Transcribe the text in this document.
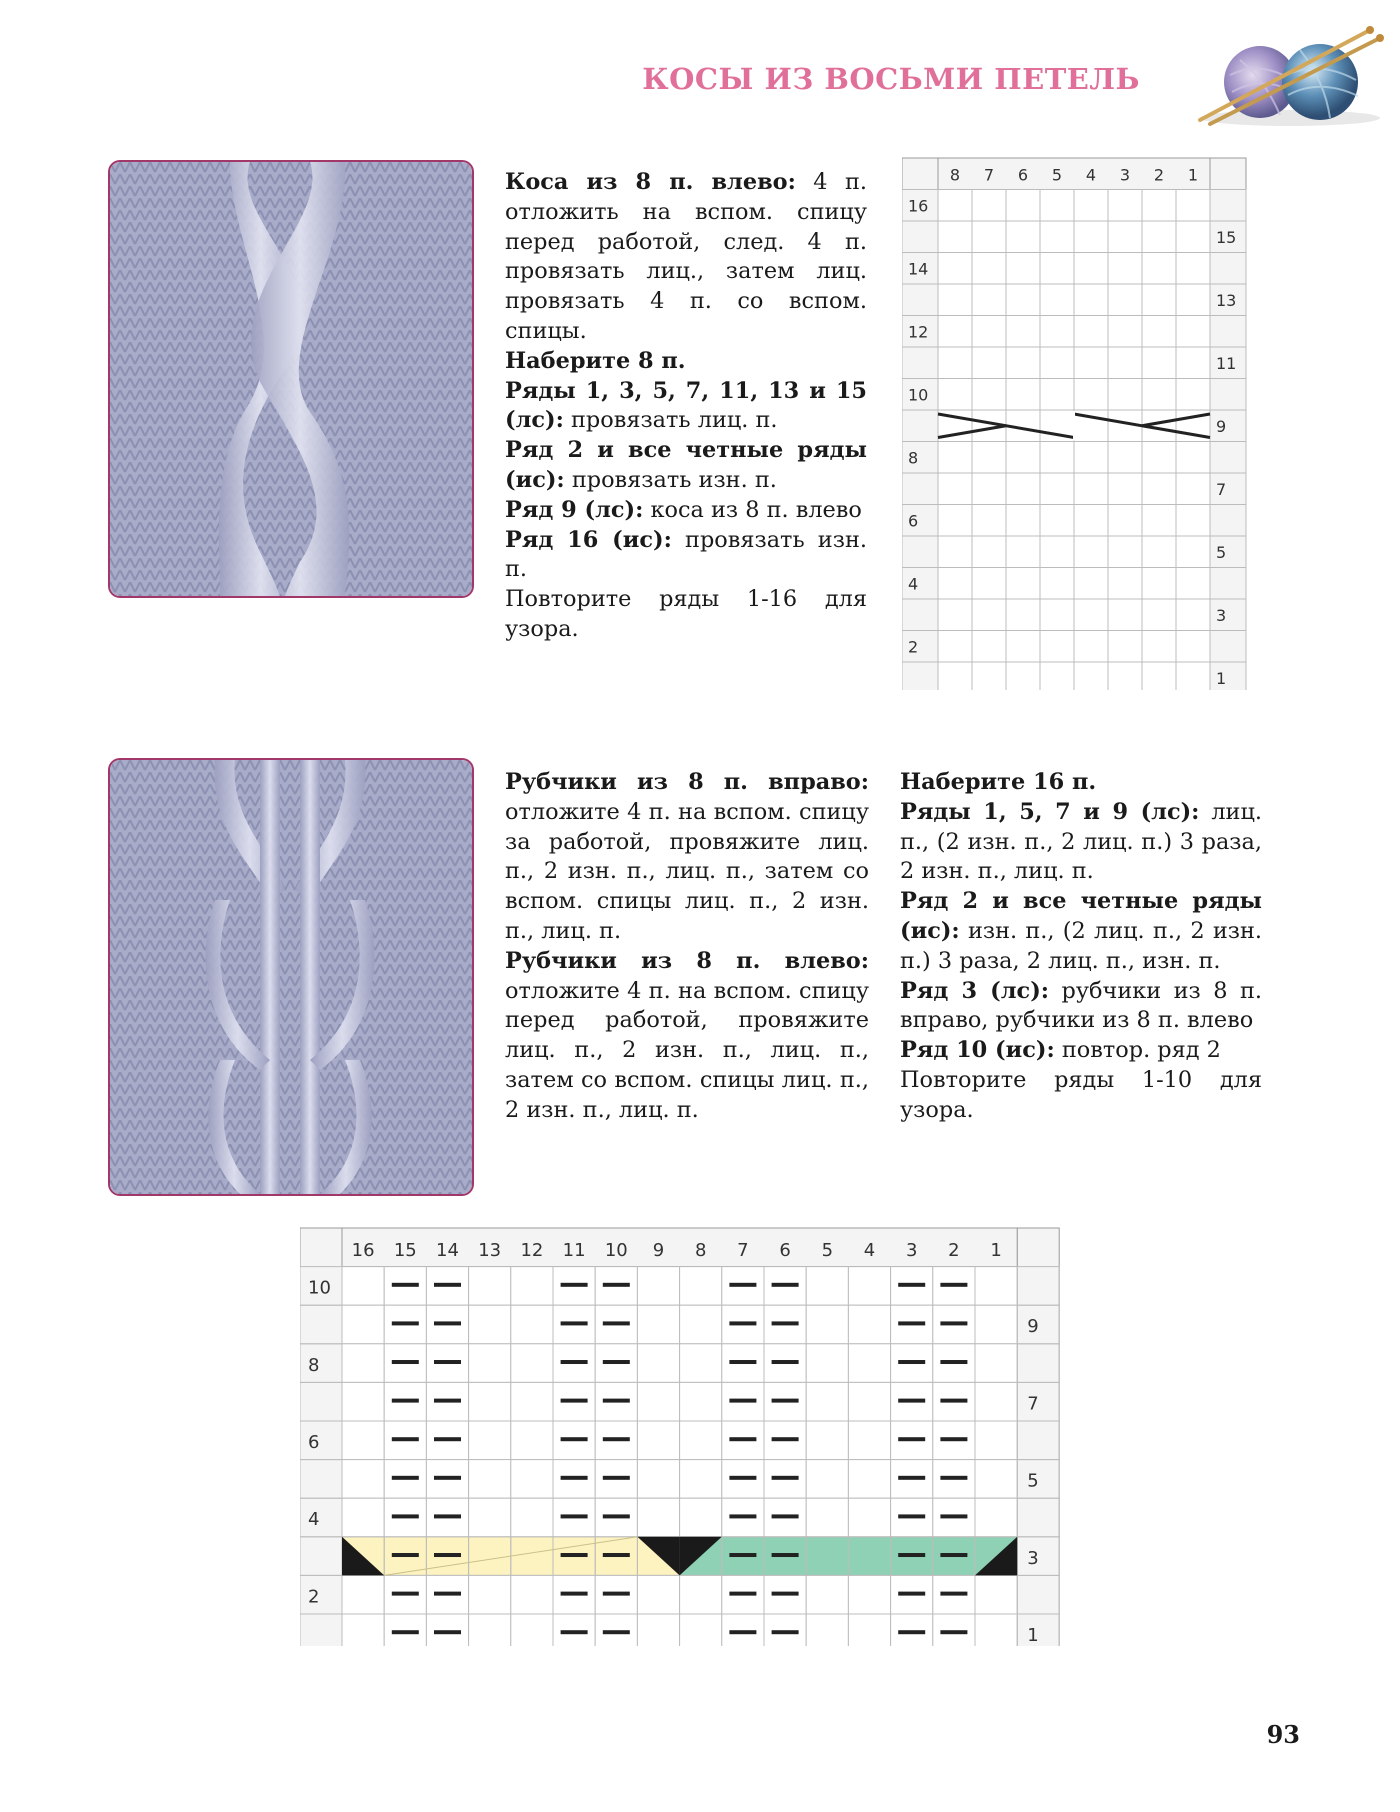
КОСЫ ИЗ ВОСЬМИ ПЕТЕЛЬ

Коса из 8 п. влево: 4 п. отложить на вспом. спицу перед работой, след. 4 п. провязать лиц., затем лиц. провязать 4 п. со вспом. спицы.

Наберите 8 п.

Ряды 1, 3, 5, 7, 11, 13 и 15 (лс): провязать лиц. п.

Ряд 2 и все четные ряды (ис): провязать изн. п.

Ряд 9 (лс): коса из 8 п. влево

Ряд 16 (ис): провязать изн. п.

Повторите ряды 1-16 для узора.

8 7 6 5 4 3 2 1
16
14
12
10
8
6
4
2
15
13
11
9
7
5
3
1

Рубчики из 8 п. вправо: отложите 4 п. на вспом. спицу за работой, провяжите лиц. п., 2 изн. п., лиц. п., затем со вспом. спицы лиц. п., 2 изн. п., лиц. п.

Рубчики из 8 п. влево: отложите 4 п. на вспом. спицу перед работой, провяжите лиц. п., 2 изн. п., лиц. п., затем со вспом. спицы лиц. п., 2 изн. п., лиц. п.

Наберите 16 п.

Ряды 1, 5, 7 и 9 (лс): лиц. п., (2 изн. п., 2 лиц. п.) 3 раза, 2 изн. п., лиц. п.

Ряд 2 и все четные ряды (ис): изн. п., (2 лиц. п., 2 изн. п.) 3 раза, 2 лиц. п., изн. п.

Ряд 3 (лс): рубчики из 8 п. вправо, рубчики из 8 п. влево

Ряд 10 (ис): повтор. ряд 2

Повторите ряды 1-10 для узора.

16 15 14 13 12 11 10 9 8 7 6 5 4 3 2 1
10
8
6
4
2
9
7
5
3
1
93
